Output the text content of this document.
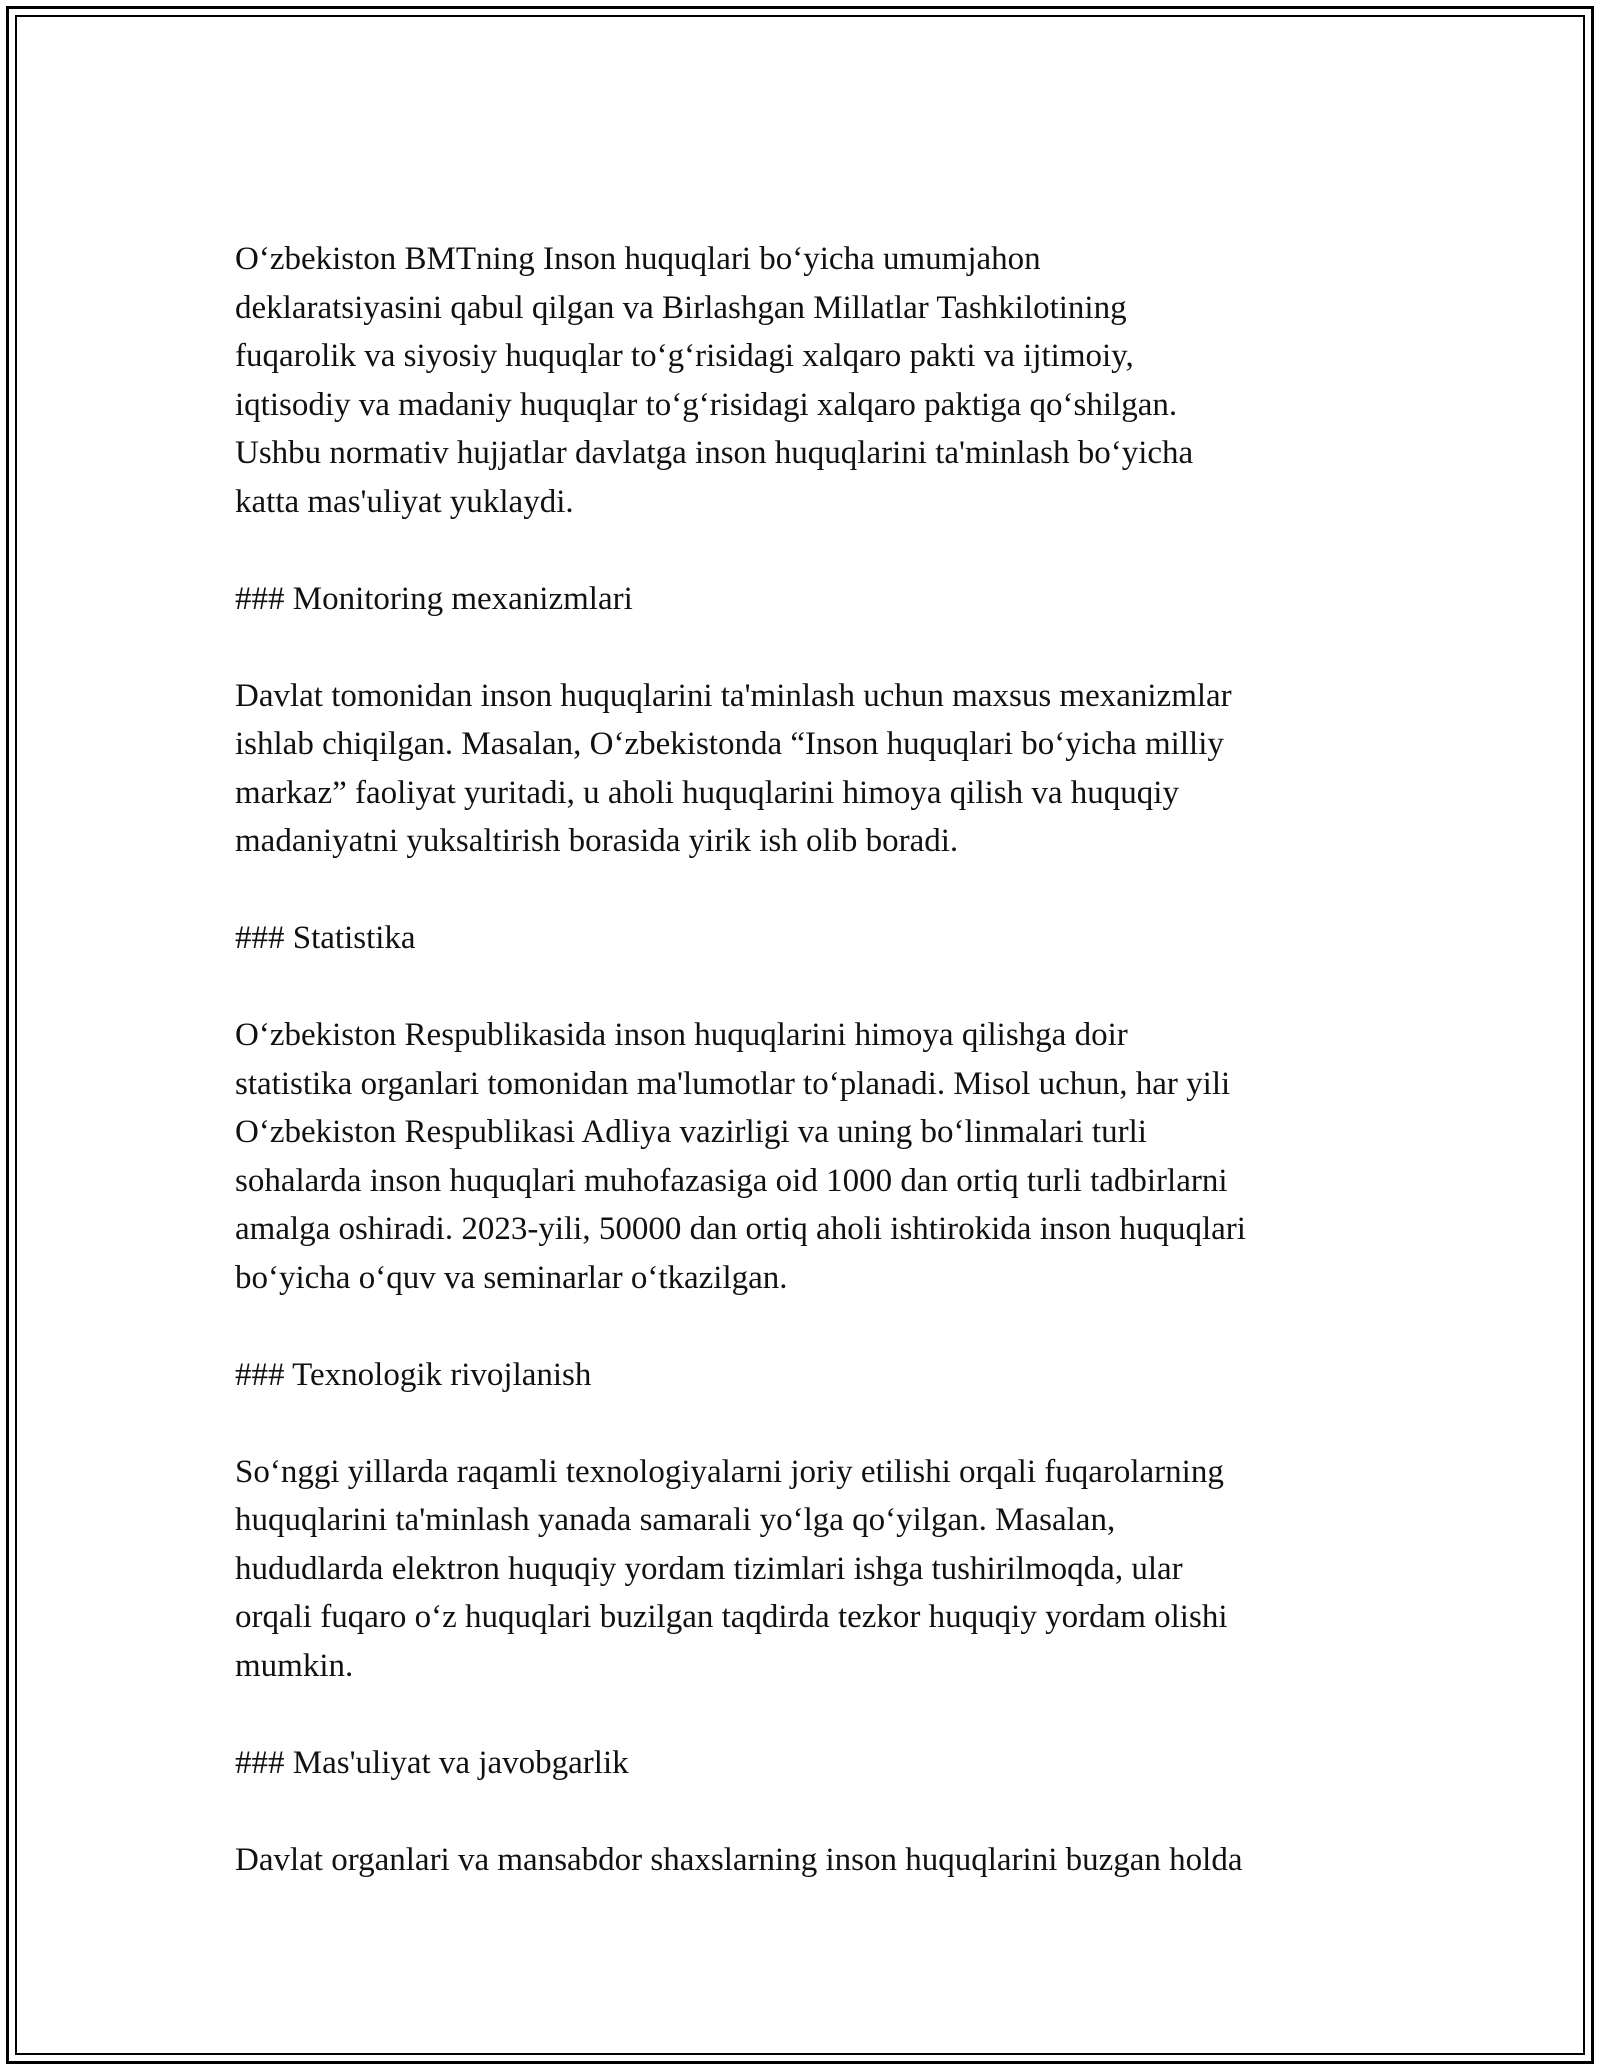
O‘zbekiston BMTning Inson huquqlari bo‘yicha umumjahon
deklaratsiyasini qabul qilgan va Birlashgan Millatlar Tashkilotining
fuqarolik va siyosiy huquqlar to‘g‘risidagi xalqaro pakti va ijtimoiy,
iqtisodiy va madaniy huquqlar to‘g‘risidagi xalqaro paktiga qo‘shilgan.
Ushbu normativ hujjatlar davlatga inson huquqlarini ta'minlash bo‘yicha
katta mas'uliyat yuklaydi.

### Monitoring mexanizmlari

Davlat tomonidan inson huquqlarini ta'minlash uchun maxsus mexanizmlar
ishlab chiqilgan. Masalan, O‘zbekistonda “Inson huquqlari bo‘yicha milliy
markaz” faoliyat yuritadi, u aholi huquqlarini himoya qilish va huquqiy
madaniyatni yuksaltirish borasida yirik ish olib boradi.

### Statistika

O‘zbekiston Respublikasida inson huquqlarini himoya qilishga doir
statistika organlari tomonidan ma'lumotlar to‘planadi. Misol uchun, har yili
O‘zbekiston Respublikasi Adliya vazirligi va uning bo‘linmalari turli
sohalarda inson huquqlari muhofazasiga oid 1000 dan ortiq turli tadbirlarni
amalga oshiradi. 2023-yili, 50000 dan ortiq aholi ishtirokida inson huquqlari
bo‘yicha o‘quv va seminarlar o‘tkazilgan.

### Texnologik rivojlanish

So‘nggi yillarda raqamli texnologiyalarni joriy etilishi orqali fuqarolarning
huquqlarini ta'minlash yanada samarali yo‘lga qo‘yilgan. Masalan,
hududlarda elektron huquqiy yordam tizimlari ishga tushirilmoqda, ular
orqali fuqaro o‘z huquqlari buzilgan taqdirda tezkor huquqiy yordam olishi
mumkin.

### Mas'uliyat va javobgarlik

Davlat organlari va mansabdor shaxslarning inson huquqlarini buzgan holda
